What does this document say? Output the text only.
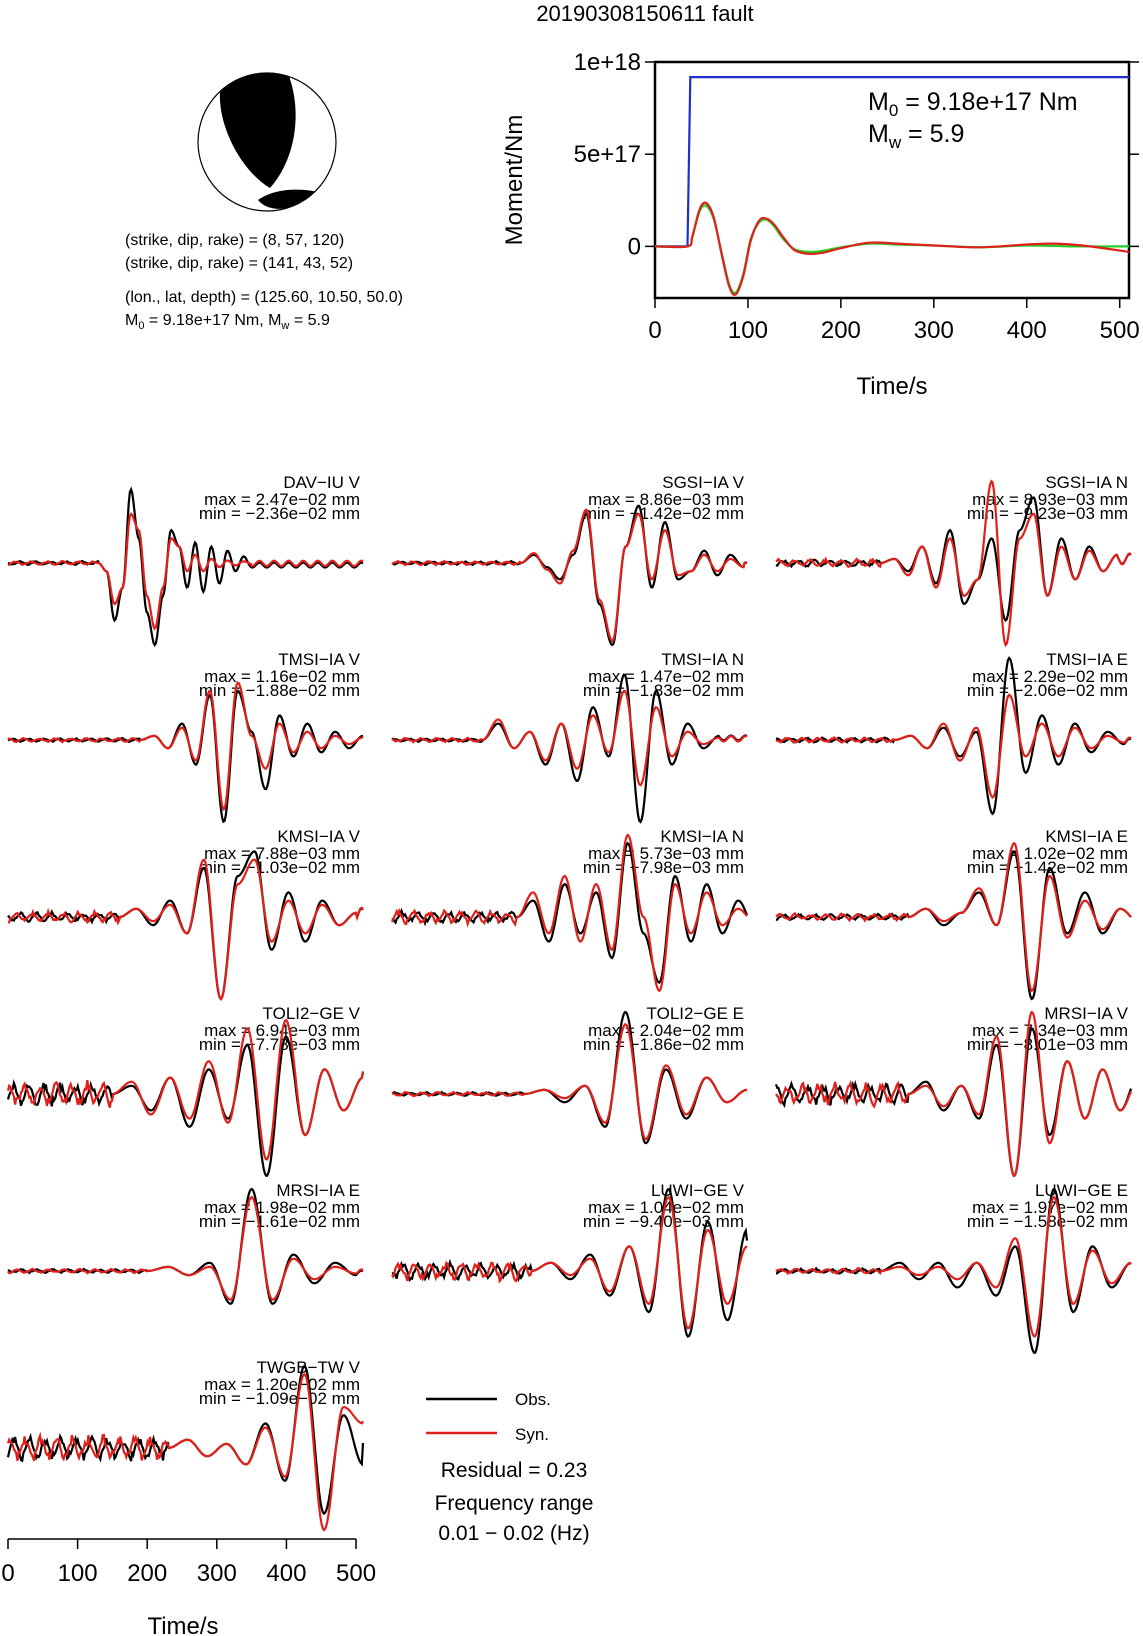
20190308150611 fault
(strike, dip, rake) = (8, 57, 120)
(strike, dip, rake) = (141, 43, 52)
(lon., lat, depth) = (125.60, 10.50, 50.0)
$M_0 = 9.18e+17$ Nm, $M_w = 5.9$
Moment/Nm
Time/s
$M_0 = 9.18e+17$ Nm
$M_w = 5.9$
0
5e+17
1e+18
0	100 200 300 400 500
DAV−IU V
max = 2.47e−02 mm
min = −2.36e−02 mm
SGSI−IA V
max = 8.86e−03 mm
min = −1.42e−02 mm
SGSI−IA N
max = 8.93e−03 mm
min = −9.23e−03 mm
TMSI−IA V
max = 1.16e−02 mm
min = −1.88e−02 mm
TMSI−IA N
max = 1.47e−02 mm
min = −1.83e−02 mm
TMSI−IA E
max = 2.29e−02 mm
min = −2.06e−02 mm
KMSI−IA V
max = 7.88e−03 mm
min = −1.03e−02 mm
KMSI−IA N
max = 5.73e−03 mm
min = −7.98e−03 mm
KMSI−IA E
max = 1.02e−02 mm
min = −1.42e−02 mm
TOLI2−GE V
max = 6.94e−03 mm
min = −7.78e−03 mm
TOLI2−GE E
max = 2.04e−02 mm
min = −1.86e−02 mm
MRSI−IA V
max = 7.34e−03 mm
min = −8.01e−03 mm
MRSI−IA E
max = 1.98e−02 mm
min = −1.61e−02 mm
LUWI−GE V
max = 1.04e−02 mm
min = −9.40e−03 mm
LUWI−GE E
max = 1.97e−02 mm
min = −1.58e−02 mm
TWGB−TW V
max = 1.20e−02 mm
min = −1.09e−02 mm
Time/s
0 100 200 300 400 500
Obs.
Syn.
Residual = 0.23
Frequency range
0.01 − 0.02 (Hz)
